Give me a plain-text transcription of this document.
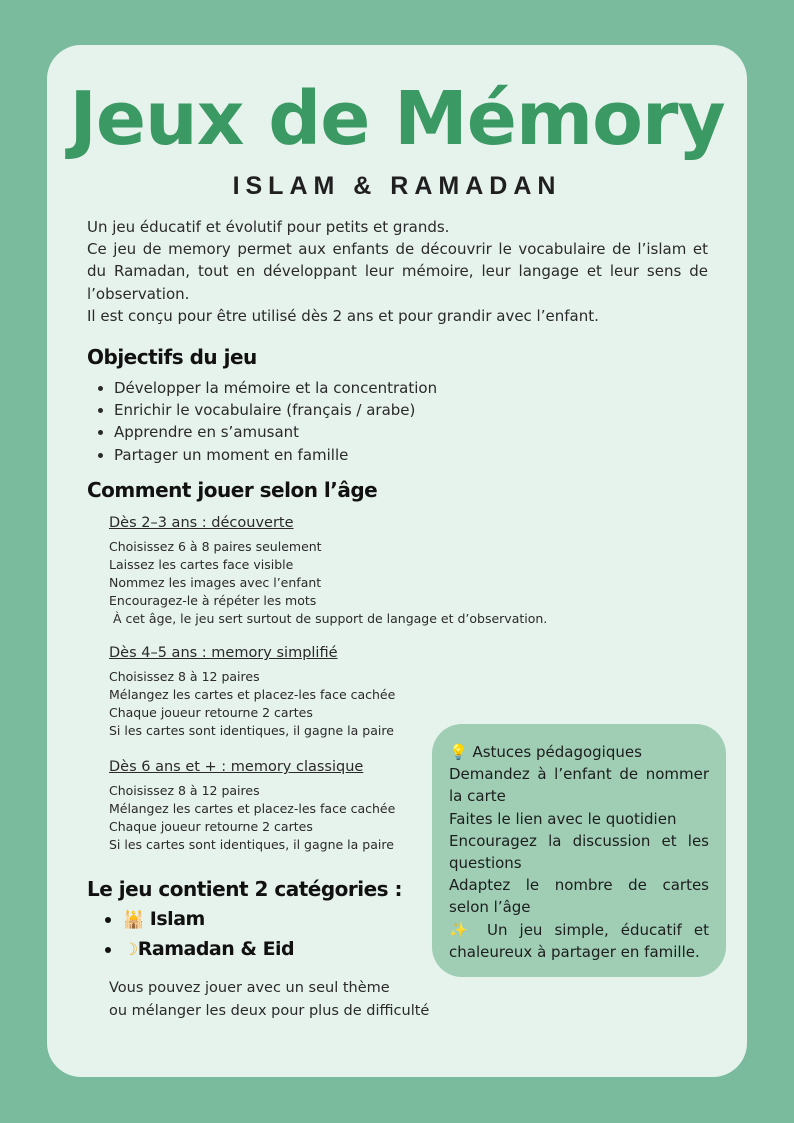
Jeux de Mémory
ISLAM & RAMADAN

Un jeu éducatif et évolutif pour petits et grands.

Ce jeu de memory permet aux enfants de découvrir le vocabulaire de l’islam et du Ramadan, tout en développant leur mémoire, leur langage et leur sens de l’observation.

Il est conçu pour être utilisé dès 2 ans et pour grandir avec l’enfant.

Objectifs du jeu
• Développer la mémoire et la concentration
• Enrichir le vocabulaire (français / arabe)
• Apprendre en s’amusant
• Partager un moment en famille
Comment jouer selon l’âge
Dès 2–3 ans : découverte
Choisissez 6 à 8 paires seulement
Laissez les cartes face visible
Nommez les images avec l’enfant
Encouragez-le à répéter les mots
À cet âge, le jeu sert surtout de support de langage et d’observation.
Dès 4–5 ans : memory simplifié
Choisissez 8 à 12 paires
Mélangez les cartes et placez-les face cachée
Chaque joueur retourne 2 cartes
Si les cartes sont identiques, il gagne la paire
Dès 6 ans et + : memory classique
Choisissez 8 à 12 paires
Mélangez les cartes et placez-les face cachée
Chaque joueur retourne 2 cartes
Si les cartes sont identiques, il gagne la paire
Le jeu contient 2 catégories :
• 🕌 Islam
• ☽Ramadan & Eid

Vous pouvez jouer avec un seul thème

ou mélanger les deux pour plus de difficulté

💡 Astuces pédagogiques

Demandez à l’enfant de nommer la carte

Faites le lien avec le quotidien

Encouragez la discussion et les questions

Adaptez le nombre de cartes selon l’âge

✨ Un jeu simple, éducatif et chaleureux à partager en famille.
